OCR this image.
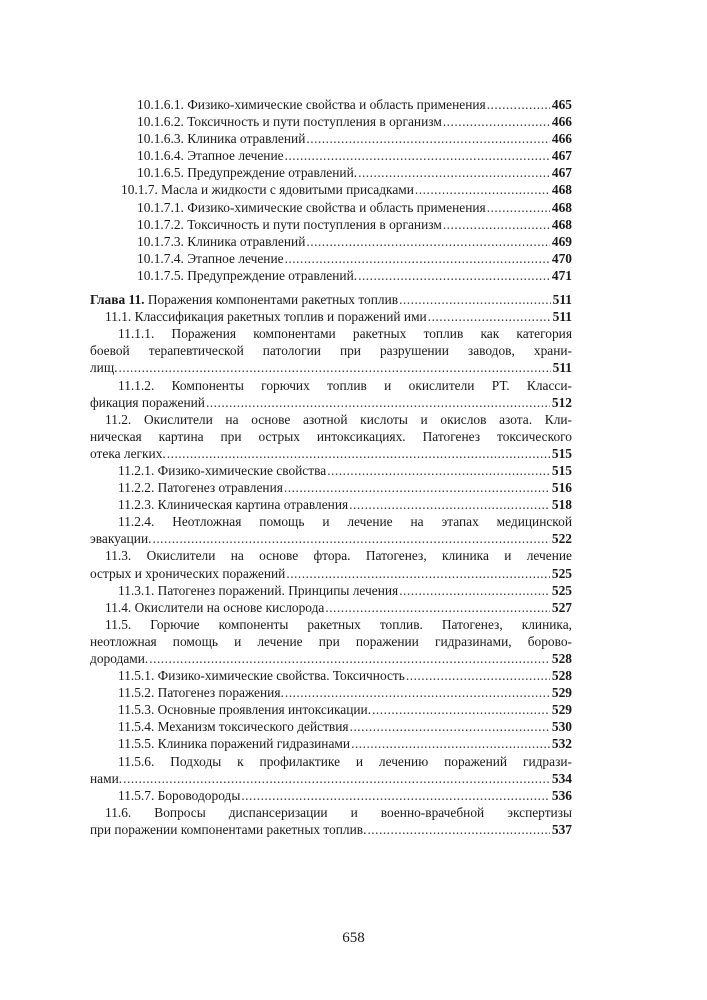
10.1.6.1. Физико-химические свойства и область применения .....	465
10.1.6.2. Токсичность и пути поступления в организм .....	466
10.1.6.3. Клиника отравлений .....	466
10.1.6.4. Этапное лечение .....	467
10.1.6.5. Предупреждение отравлений. .....	467
10.1.7. Масла и жидкости с ядовитыми присадками .....	468
10.1.7.1. Физико-химические свойства и область применения .....	468
10.1.7.2. Токсичность и пути поступления в организм .....	468
10.1.7.3. Клиника отравлений .....	469
10.1.7.4. Этапное лечение .....	470
10.1.7.5. Предупреждение отравлений. .....	471
Глава 11. Поражения компонентами ракетных топлив .....	511
11.1. Классификация ракетных топлив и поражений ими .....	511
11.1.1. Поражения компонентами ракетных топлив как категория
боевой терапевтической патологии при разрушении заводов, храни-
лищ. .....	511
11.1.2. Компоненты горючих топлив и окислители РТ. Класси-
фикация поражений .....	512
11.2. Окислители на основе азотной кислоты и окислов азота. Кли-
ническая картина при острых интоксикациях. Патогенез токсического
отека легких. .....	515
11.2.1. Физико-химические свойства .....	515
11.2.2. Патогенез отравления .....	516
11.2.3. Клиническая картина отравления .....	518
11.2.4. Неотложная помощь и лечение на этапах медицинской
эвакуации. .....	522
11.3. Окислители на основе фтора. Патогенез, клиника и лечение
острых и хронических поражений .....	525
11.3.1. Патогенез поражений. Принципы лечения .....	525
11.4. Окислители на основе кислорода .....	527
11.5. Горючие компоненты ракетных топлив. Патогенез, клиника,
неотложная помощь и лечение при поражении гидразинами, борово-
дородами. .....	528
11.5.1. Физико-химические свойства. Токсичность .....	528
11.5.2. Патогенез поражения. .....	529
11.5.3. Основные проявления интоксикации. .....	529
11.5.4. Механизм токсического действия .....	530
11.5.5. Клиника поражений гидразинами .....	532
11.5.6. Подходы к профилактике и лечению поражений гидрази-
нами. .....	534
11.5.7. Бороводороды .....	536
11.6. Вопросы диспансеризации и военно-врачебной экспертизы
при поражении компонентами ракетных топлив. .....	537
658
